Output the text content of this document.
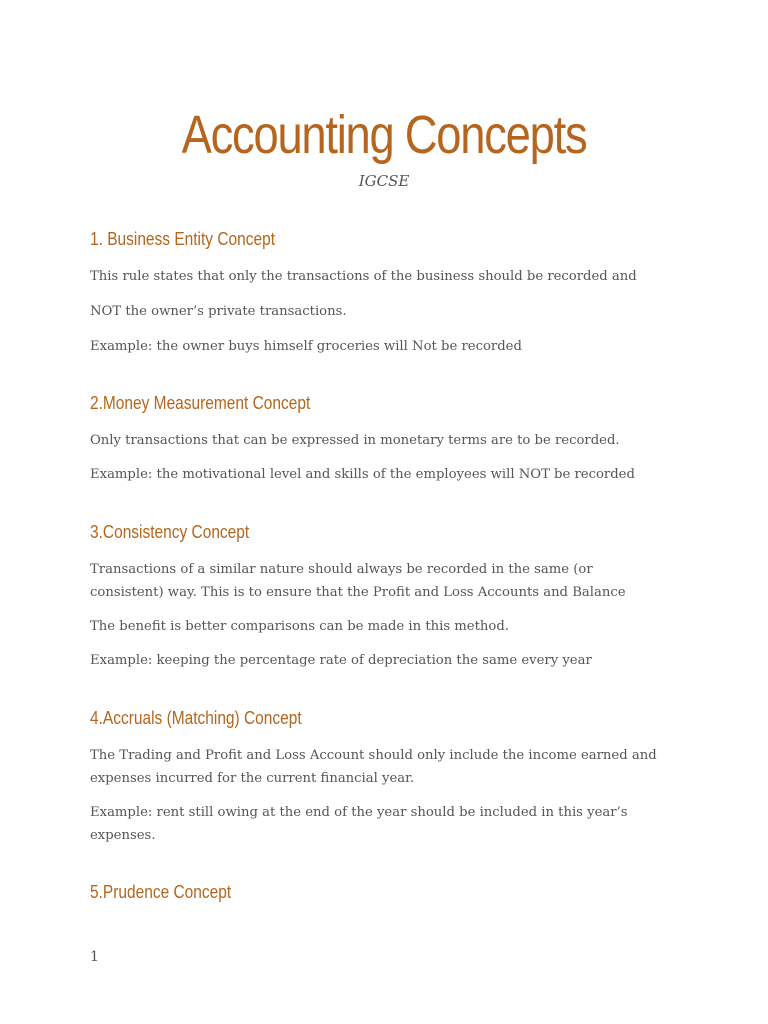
Accounting Concepts
IGCSE
1. Business Entity Concept
This rule states that only the transactions of the business should be recorded and
NOT the owner’s private transactions.
Example: the owner buys himself groceries will Not be recorded
2.Money Measurement Concept
Only transactions that can be expressed in monetary terms are to be recorded.
Example: the motivational level and skills of the employees will NOT be recorded
3.Consistency Concept
Transactions of a similar nature should always be recorded in the same (or consistent) way. This is to ensure that the Profit and Loss Accounts and Balance
The benefit is better comparisons can be made in this method.
Example: keeping the percentage rate of depreciation the same every year
4.Accruals (Matching) Concept
The Trading and Profit and Loss Account should only include the income earned and expenses incurred for the current financial year.
Example: rent still owing at the end of the year should be included in this year’s expenses.
5.Prudence Concept
1
